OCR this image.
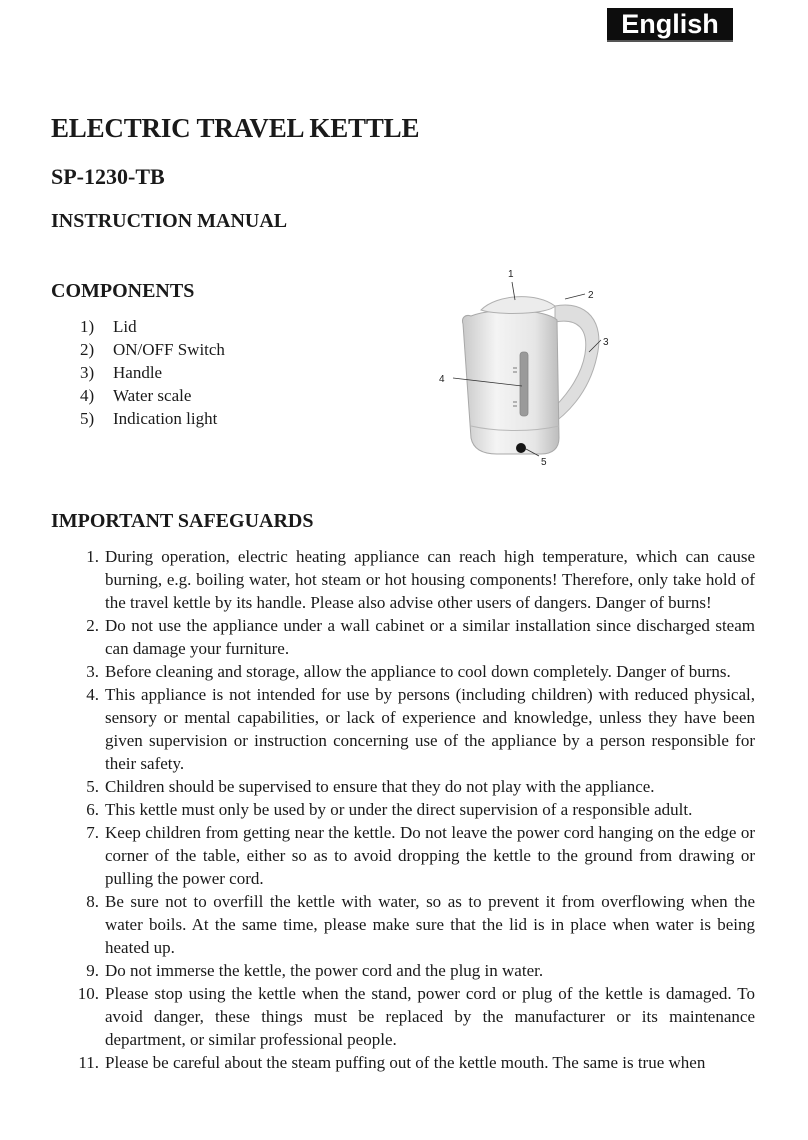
English
ELECTRIC TRAVEL KETTLE
SP-1230-TB
INSTRUCTION MANUAL
COMPONENTS
1) Lid
2) ON/OFF Switch
3) Handle
4) Water scale
5) Indication light
1
2
3
4
5
IMPORTANT SAFEGUARDS
1. During operation, electric heating appliance can reach high temperature, which can cause burning, e.g. boiling water, hot steam or hot housing components! Therefore, only take hold of the travel kettle by its handle. Please also advise other users of dangers. Danger of burns!
2. Do not use the appliance under a wall cabinet or a similar installation since discharged steam can damage your furniture.
3. Before cleaning and storage, allow the appliance to cool down completely. Danger of burns.
4. This appliance is not intended for use by persons (including children) with reduced physical, sensory or mental capabilities, or lack of experience and knowledge, unless they have been given supervision or instruction concerning use of the appliance by a person responsible for their safety.
5. Children should be supervised to ensure that they do not play with the appliance.
6. This kettle must only be used by or under the direct supervision of a responsible adult.
7. Keep children from getting near the kettle. Do not leave the power cord hanging on the edge or corner of the table, either so as to avoid dropping the kettle to the ground from drawing or pulling the power cord.
8. Be sure not to overfill the kettle with water, so as to prevent it from overflowing when the water boils. At the same time, please make sure that the lid is in place when water is being heated up.
9. Do not immerse the kettle, the power cord and the plug in water.
10. Please stop using the kettle when the stand, power cord or plug of the kettle is damaged. To avoid danger, these things must be replaced by the manufacturer or its maintenance department, or similar professional people.
11. Please be careful about the steam puffing out of the kettle mouth. The same is true when
